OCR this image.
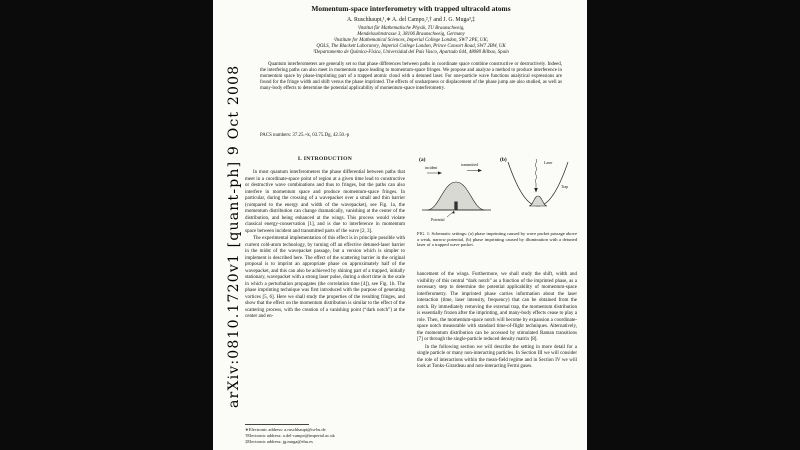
arXiv:0810.1720v1 [quant-ph] 9 Oct 2008
Momentum-space interferometry with trapped ultracold atoms
A. Ruschhaupt,¹,∗ A. del Campo,²,† and J. G. Muga³,‡
¹Institut für Mathematische Physik, TU Braunschweig,
Mendelssohnstrasse 3, 38106 Braunschweig, Germany
²Institute for Mathematical Sciences, Imperial College London, SW7 2PE, UK;
QOLS, The Blackett Laboratory, Imperial College London, Prince Consort Road, SW7 2BW, UK
³Departamento de Química-Física, Universidad del País Vasco, Apartado 644, 48080 Bilbao, Spain
Quantum interferometers are generally set so that phase differences between paths in coordinate space combine constructive or destructively. Indeed, the interfering paths can also meet in momentum space leading to momentum-space fringes. We propose and analyze a method to produce interference in momentum space by phase-imprinting part of a trapped atomic cloud with a detuned laser. For one-particle wave functions analytical expressions are found for the fringe width and shift versus the phase imprinted. The effects of unsharpness or displacement of the phase jump are also studied, as well as many-body effects to determine the potential applicability of momentum-space interferometry.
PACS numbers: 37.25.+k, 03.75.Dg, 42.50.-p
I. INTRODUCTION
In most quantum interferometers the phase differential between paths that meet in a coordinate-space point of region at a given time lead to constructive or destructive wave combinations and thus to fringes, but the paths can also interfere in momentum space and produce momentum-space fringes. In particular, during the crossing of a wavepacket over a small and thin barrier (compared to the energy and width of the wavepacket), see Fig. 1a, the momentum distribution can change dramatically, vanishing at the center of the distribution, and being enhanced at the wings. This process would violate classical energy-conservation [1], and is due to interference in momentum space between incident and transmitted parts of the wave [2, 3].
The experimental implementation of this effect is in principle possible with current cold-atom technology, by turning off an effective detuned-laser barrier in the midst of the wavepacket passage, but a version which is simpler to implement is described here. The effect of the scattering barrier in the original proposal is to imprint an appropriate phase on approximately half of the wavepacket, and this can also be achieved by shining part of a trapped, initially stationary, wavepacket with a strong laser pulse, during a short time in the scale in which a perturbation propagates (the correlation time [4]), see Fig. 1b. The phase imprinting technique was first introduced with the purpose of generating vortices [5, 6]. Here we shall study the properties of the resulting fringes, and show that the effect on the momentum distribution is similar to the effect of the scattering process, with the creation of a vanishing point (“dark notch”) at the center and en-
∗Electronic address: a.ruschhaupt@tu-bs.de
†Electronic address: a.del-campo@imperial.ac.uk
‡Electronic address: jg.muga@ehu.es
(a)
incident
transmitted
Potential
(b)	Laser
Trap
FIG. 1: Schematic settings: (a) phase imprinting caused by wave packet passage above a weak, narrow potential, (b) phase imprinting caused by illumination with a detuned laser of a trapped wave packet.
hancement of the wings. Furthermore, we shall study the shift, width and visibility of this central “dark notch” as a function of the imprinted phase, as a necessary step to determine the potential applicability of momentum-space interferometry. The imprinted phase carries information about the laser interaction (time, laser intensity, frequency) that can be obtained from the notch. By immediately removing the external trap, the momentum distribution is essentially frozen after the imprinting, and many-body effects cease to play a role. Then, the momentum-space notch will become by expansion a coordinate-space notch measurable with standard time-of-flight techniques. Alternatively, the momentum distribution can be accessed by stimulated Raman transitions [7] or through the single-particle reduced density matrix [8].
In the following section we will describe the setting in more detail for a single particle or many non-interacting particles. In Section III we will consider the role of interactions within the mean-field regime and in Section IV we will look at Tonks-Girardeau and non-interacting Fermi gases.
